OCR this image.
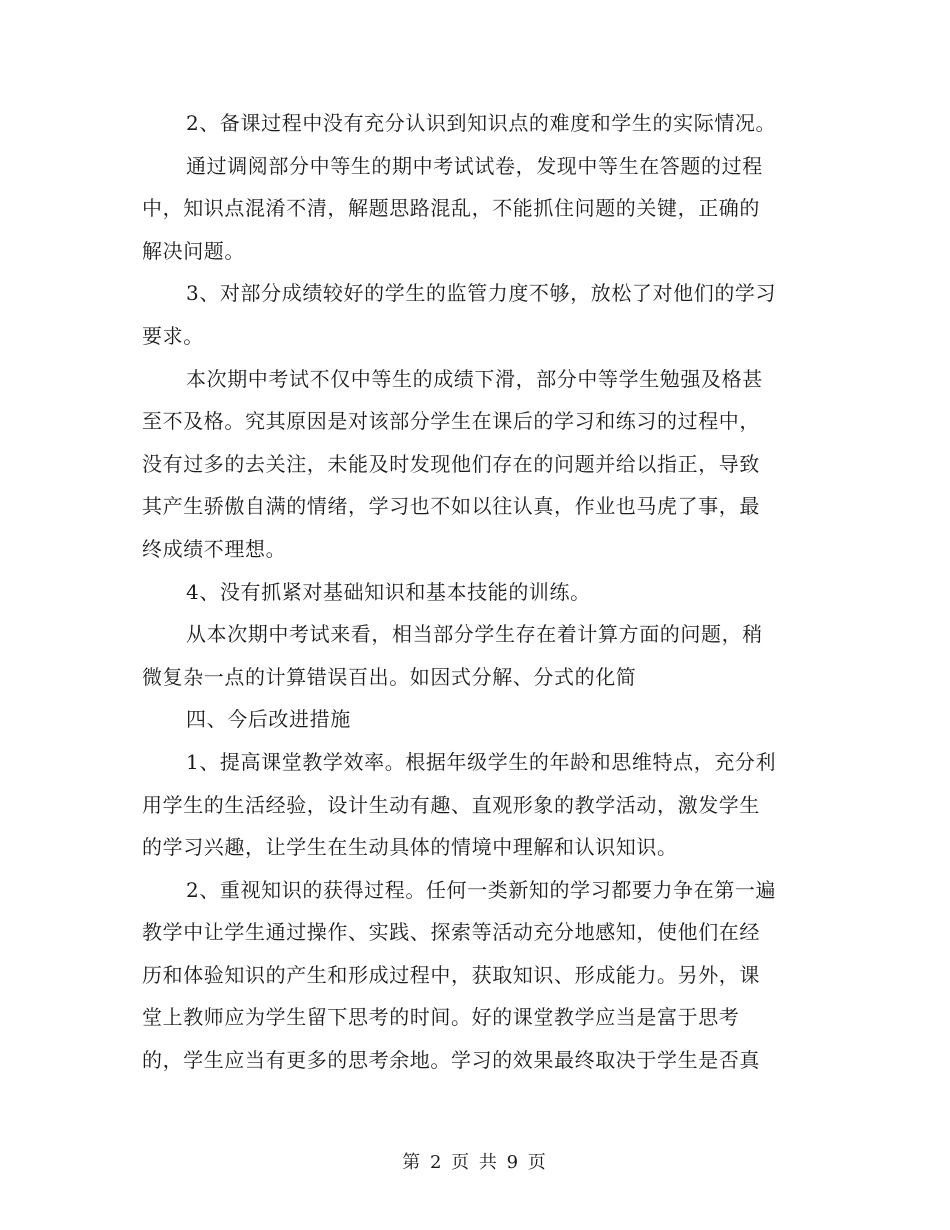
2、备课过程中没有充分认识到知识点的难度和学生的实际情况。

通过调阅部分中等生的期中考试试卷，发现中等生在答题的过程
中，知识点混淆不清，解题思路混乱，不能抓住问题的关键，正确的
解决问题。

3、对部分成绩较好的学生的监管力度不够，放松了对他们的学习
要求。

本次期中考试不仅中等生的成绩下滑，部分中等学生勉强及格甚
至不及格。究其原因是对该部分学生在课后的学习和练习的过程中，
没有过多的去关注，未能及时发现他们存在的问题并给以指正，导致
其产生骄傲自满的情绪，学习也不如以往认真，作业也马虎了事，最
终成绩不理想。

4、没有抓紧对基础知识和基本技能的训练。

从本次期中考试来看，相当部分学生存在着计算方面的问题，稍
微复杂一点的计算错误百出。如因式分解、分式的化简

四、今后改进措施

1、提高课堂教学效率。根据年级学生的年龄和思维特点，充分利
用学生的生活经验，设计生动有趣、直观形象的教学活动，激发学生
的学习兴趣，让学生在生动具体的情境中理解和认识知识。

2、重视知识的获得过程。任何一类新知的学习都要力争在第一遍
教学中让学生通过操作、实践、探索等活动充分地感知，使他们在经
历和体验知识的产生和形成过程中，获取知识、形成能力。另外，课
堂上教师应为学生留下思考的时间。好的课堂教学应当是富于思考
的，学生应当有更多的思考余地。学习的效果最终取决于学生是否真

第 2 页 共 9 页
